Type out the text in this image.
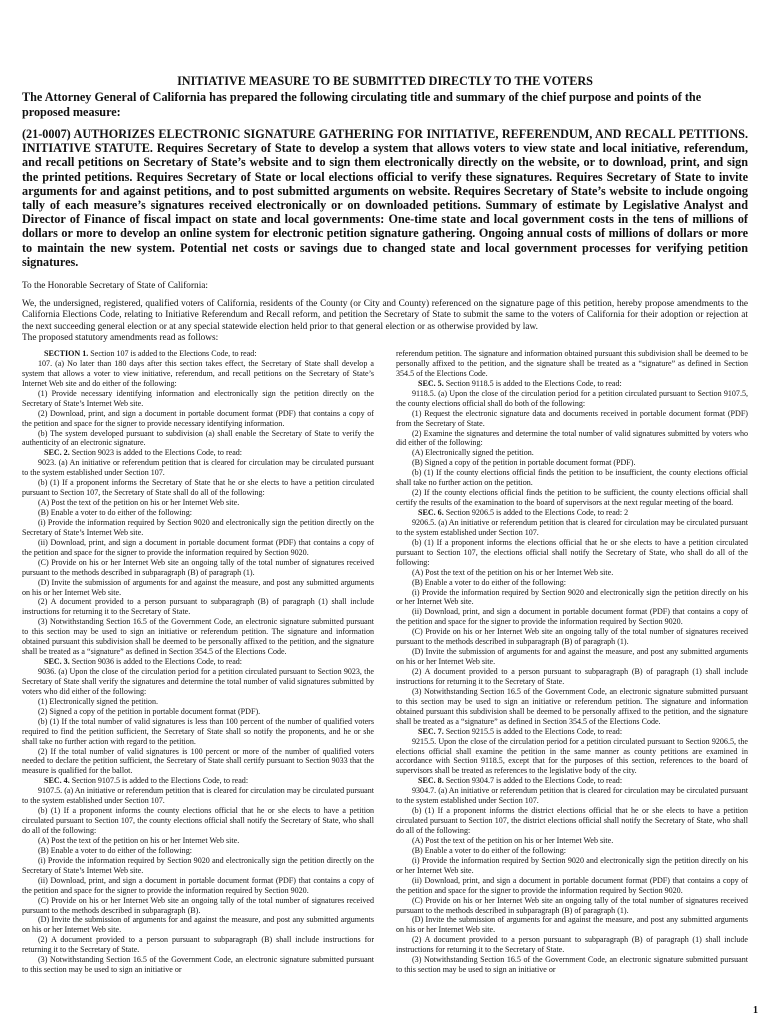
INITIATIVE MEASURE TO BE SUBMITTED DIRECTLY TO THE VOTERS

The Attorney General of California has prepared the following circulating title and summary of the chief purpose and points of the proposed measure:

(21-0007) AUTHORIZES ELECTRONIC SIGNATURE GATHERING FOR INITIATIVE, REFERENDUM, AND RECALL PETITIONS. INITIATIVE STATUTE. Requires Secretary of State to develop a system that allows voters to view state and local initiative, referendum, and recall petitions on Secretary of State’s website and to sign them electronically directly on the website, or to download, print, and sign the printed petitions. Requires Secretary of State or local elections official to verify these signatures. Requires Secretary of State to invite arguments for and against petitions, and to post submitted arguments on website. Requires Secretary of State’s website to include ongoing tally of each measure’s signatures received electronically or on downloaded petitions. Summary of estimate by Legislative Analyst and Director of Finance of fiscal impact on state and local governments: One-time state and local government costs in the tens of millions of dollars or more to develop an online system for electronic petition signature gathering. Ongoing annual costs of millions of dollars or more to maintain the new system. Potential net costs or savings due to changed state and local government processes for verifying petition signatures.

To the Honorable Secretary of State of California:

We, the undersigned, registered, qualified voters of California, residents of the County (or City and County) referenced on the signature page of this petition, hereby propose amendments to the California Elections Code, relating to Initiative Referendum and Recall reform, and petition the Secretary of State to submit the same to the voters of California for their adoption or rejection at the next succeeding general election or at any special statewide election held prior to that general election or as otherwise provided by law.

The proposed statutory amendments read as follows:

SECTION 1. Section 107 is added to the Elections Code, to read:

107. (a) No later than 180 days after this section takes effect, the Secretary of State shall develop a system that allows a voter to view initiative, referendum, and recall petitions on the Secretary of State’s Internet Web site and do either of the following:

(1) Provide necessary identifying information and electronically sign the petition directly on the Secretary of State’s Internet Web site.

(2) Download, print, and sign a document in portable document format (PDF) that contains a copy of the petition and space for the signer to provide necessary identifying information.

(b) The system developed pursuant to subdivision (a) shall enable the Secretary of State to verify the authenticity of an electronic signature.

SEC. 2. Section 9023 is added to the Elections Code, to read:

9023. (a) An initiative or referendum petition that is cleared for circulation may be circulated pursuant to the system established under Section 107.

(b) (1) If a proponent informs the Secretary of State that he or she elects to have a petition circulated pursuant to Section 107, the Secretary of State shall do all of the following:

(A) Post the text of the petition on his or her Internet Web site.

(B) Enable a voter to do either of the following:

(i) Provide the information required by Section 9020 and electronically sign the petition directly on the Secretary of State’s Internet Web site.

(ii) Download, print, and sign a document in portable document format (PDF) that contains a copy of the petition and space for the signer to provide the information required by Section 9020.

(C) Provide on his or her Internet Web site an ongoing tally of the total number of signatures received pursuant to the methods described in subparagraph (B) of paragraph (1).

(D) Invite the submission of arguments for and against the measure, and post any submitted arguments on his or her Internet Web site.

(2) A document provided to a person pursuant to subparagraph (B) of paragraph (1) shall include instructions for returning it to the Secretary of State.

(3) Notwithstanding Section 16.5 of the Government Code, an electronic signature submitted pursuant to this section may be used to sign an initiative or referendum petition. The signature and information obtained pursuant this subdivision shall be deemed to be personally affixed to the petition, and the signature shall be treated as a “signature” as defined in Section 354.5 of the Elections Code.

SEC. 3. Section 9036 is added to the Elections Code, to read:

9036. (a) Upon the close of the circulation period for a petition circulated pursuant to Section 9023, the Secretary of State shall verify the signatures and determine the total number of valid signatures submitted by voters who did either of the following:

(1) Electronically signed the petition.

(2) Signed a copy of the petition in portable document format (PDF).

(b) (1) If the total number of valid signatures is less than 100 percent of the number of qualified voters required to find the petition sufficient, the Secretary of State shall so notify the proponents, and he or she shall take no further action with regard to the petition.

(2) If the total number of valid signatures is 100 percent or more of the number of qualified voters needed to declare the petition sufficient, the Secretary of State shall certify pursuant to Section 9033 that the measure is qualified for the ballot.

SEC. 4. Section 9107.5 is added to the Elections Code, to read:

9107.5. (a) An initiative or referendum petition that is cleared for circulation may be circulated pursuant to the system established under Section 107.

(b) (1) If a proponent informs the county elections official that he or she elects to have a petition circulated pursuant to Section 107, the county elections official shall notify the Secretary of State, who shall do all of the following:

(A) Post the text of the petition on his or her Internet Web site.

(B) Enable a voter to do either of the following:

(i) Provide the information required by Section 9020 and electronically sign the petition directly on the Secretary of State’s Internet Web site.

(ii) Download, print, and sign a document in portable document format (PDF) that contains a copy of the petition and space for the signer to provide the information required by Section 9020.

(C) Provide on his or her Internet Web site an ongoing tally of the total number of signatures received pursuant to the methods described in subparagraph (B).

(D) Invite the submission of arguments for and against the measure, and post any submitted arguments on his or her Internet Web site.

(2) A document provided to a person pursuant to subparagraph (B) shall include instructions for returning it to the Secretary of State.

(3) Notwithstanding Section 16.5 of the Government Code, an electronic signature submitted pursuant to this section may be used to sign an initiative or

referendum petition. The signature and information obtained pursuant this subdivision shall be deemed to be personally affixed to the petition, and the signature shall be treated as a “signature” as defined in Section 354.5 of the Elections Code.

SEC. 5. Section 9118.5 is added to the Elections Code, to read:

9118.5. (a) Upon the close of the circulation period for a petition circulated pursuant to Section 9107.5, the county elections official shall do both of the following:

(1) Request the electronic signature data and documents received in portable document format (PDF) from the Secretary of State.

(2) Examine the signatures and determine the total number of valid signatures submitted by voters who did either of the following:

(A) Electronically signed the petition.

(B) Signed a copy of the petition in portable document format (PDF).

(b) (1) If the county elections official finds the petition to be insufficient, the county elections official shall take no further action on the petition.

(2) If the county elections official finds the petition to be sufficient, the county elections official shall certify the results of the examination to the board of supervisors at the next regular meeting of the board.

SEC. 6. Section 9206.5 is added to the Elections Code, to read: 2

9206.5. (a) An initiative or referendum petition that is cleared for circulation may be circulated pursuant to the system established under Section 107.

(b) (1) If a proponent informs the elections official that he or she elects to have a petition circulated pursuant to Section 107, the elections official shall notify the Secretary of State, who shall do all of the following:

(A) Post the text of the petition on his or her Internet Web site.

(B) Enable a voter to do either of the following:

(i) Provide the information required by Section 9020 and electronically sign the petition directly on his or her Internet Web site.

(ii) Download, print, and sign a document in portable document format (PDF) that contains a copy of the petition and space for the signer to provide the information required by Section 9020.

(C) Provide on his or her Internet Web site an ongoing tally of the total number of signatures received pursuant to the methods described in subparagraph (B) of paragraph (1).

(D) Invite the submission of arguments for and against the measure, and post any submitted arguments on his or her Internet Web site.

(2) A document provided to a person pursuant to subparagraph (B) of paragraph (1) shall include instructions for returning it to the Secretary of State.

(3) Notwithstanding Section 16.5 of the Government Code, an electronic signature submitted pursuant to this section may be used to sign an initiative or referendum petition. The signature and information obtained pursuant this subdivision shall be deemed to be personally affixed to the petition, and the signature shall be treated as a “signature” as defined in Section 354.5 of the Elections Code.

SEC. 7. Section 9215.5 is added to the Elections Code, to read:

9215.5. Upon the close of the circulation period for a petition circulated pursuant to Section 9206.5, the elections official shall examine the petition in the same manner as county petitions are examined in accordance with Section 9118.5, except that for the purposes of this section, references to the board of supervisors shall be treated as references to the legislative body of the city.

SEC. 8. Section 9304.7 is added to the Elections Code, to read:

9304.7. (a) An initiative or referendum petition that is cleared for circulation may be circulated pursuant to the system established under Section 107.

(b) (1) If a proponent informs the district elections official that he or she elects to have a petition circulated pursuant to Section 107, the district elections official shall notify the Secretary of State, who shall do all of the following:

(A) Post the text of the petition on his or her Internet Web site.

(B) Enable a voter to do either of the following:

(i) Provide the information required by Section 9020 and electronically sign the petition directly on his or her Internet Web site.

(ii) Download, print, and sign a document in portable document format (PDF) that contains a copy of the petition and space for the signer to provide the information required by Section 9020.

(C) Provide on his or her Internet Web site an ongoing tally of the total number of signatures received pursuant to the methods described in subparagraph (B) of paragraph (1).

(D) Invite the submission of arguments for and against the measure, and post any submitted arguments on his or her Internet Web site.

(2) A document provided to a person pursuant to subparagraph (B) of paragraph (1) shall include instructions for returning it to the Secretary of State.

(3) Notwithstanding Section 16.5 of the Government Code, an electronic signature submitted pursuant to this section may be used to sign an initiative or

1
